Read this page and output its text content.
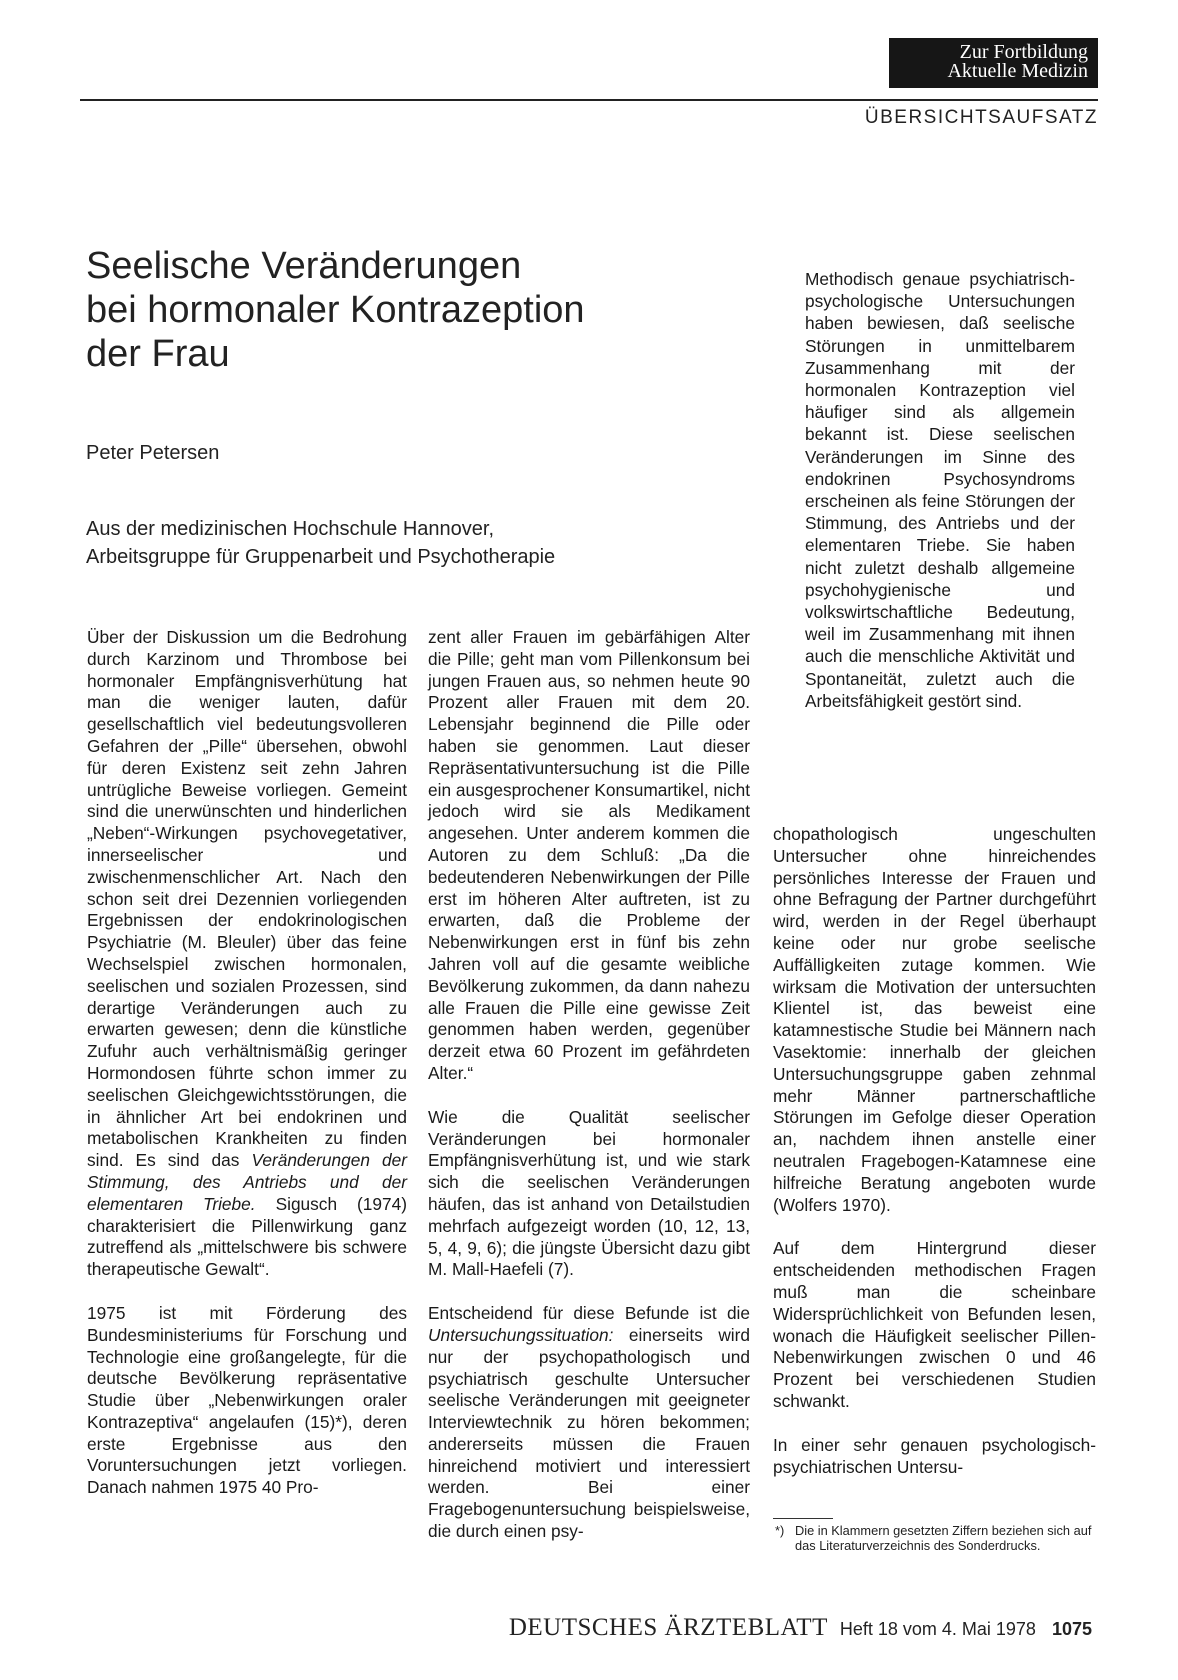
Zur Fortbildung
Aktuelle Medizin
ÜBERSICHTSAUFSATZ
Seelische Veränderungen
bei hormonaler Kontrazeption
der Frau
Peter Petersen
Aus der medizinischen Hochschule Hannover,
Arbeitsgruppe für Gruppenarbeit und Psychotherapie
Methodisch genaue psychiatrisch-psychologische Untersuchungen haben bewiesen, daß seelische Störungen in unmittelbarem Zusammenhang mit der hormonalen Kontrazeption viel häufiger sind als allgemein bekannt ist. Diese seelischen Veränderungen im Sinne des endokrinen Psychosyndroms erscheinen als feine Störungen der Stimmung, des Antriebs und der elementaren Triebe. Sie haben nicht zuletzt deshalb allgemeine psychohygienische und volkswirtschaftliche Bedeutung, weil im Zusammenhang mit ihnen auch die menschliche Aktivität und Spontaneität, zuletzt auch die Arbeitsfähigkeit gestört sind.

Über der Diskussion um die Bedrohung durch Karzinom und Thrombose bei hormonaler Empfängnisverhütung hat man die weniger lauten, dafür gesellschaftlich viel bedeutungsvolleren Gefahren der „Pille“ übersehen, obwohl für deren Existenz seit zehn Jahren untrügliche Beweise vorliegen. Gemeint sind die unerwünschten und hinderlichen „Neben“-Wirkungen psychovegetativer, innerseelischer und zwischenmenschlicher Art. Nach den schon seit drei Dezennien vorliegenden Ergebnissen der endokrinologischen Psychiatrie (M. Bleuler) über das feine Wechselspiel zwischen hormonalen, seelischen und sozialen Prozessen, sind derartige Veränderungen auch zu erwarten gewesen; denn die künstliche Zufuhr auch verhältnismäßig geringer Hormondosen führte schon immer zu seelischen Gleichgewichtsstörungen, die in ähnlicher Art bei endokrinen und metabolischen Krankheiten zu finden sind. Es sind das Veränderungen der Stimmung, des Antriebs und der elementaren Triebe. Sigusch (1974) charakterisiert die Pillenwirkung ganz zutreffend als „mittelschwere bis schwere therapeutische Gewalt“.

1975 ist mit Förderung des Bundesministeriums für Forschung und Technologie eine großangelegte, für die deutsche Bevölkerung repräsentative Studie über „Nebenwirkungen oraler Kontrazeptiva“ angelaufen (15)*), deren erste Ergebnisse aus den Voruntersuchungen jetzt vorliegen. Danach nahmen 1975 40 Pro-

zent aller Frauen im gebärfähigen Alter die Pille; geht man vom Pillenkonsum bei jungen Frauen aus, so nehmen heute 90 Prozent aller Frauen mit dem 20. Lebensjahr beginnend die Pille oder haben sie genommen. Laut dieser Repräsentativuntersuchung ist die Pille ein ausgesprochener Konsumartikel, nicht jedoch wird sie als Medikament angesehen. Unter anderem kommen die Autoren zu dem Schluß: „Da die bedeutenderen Nebenwirkungen der Pille erst im höheren Alter auftreten, ist zu erwarten, daß die Probleme der Nebenwirkungen erst in fünf bis zehn Jahren voll auf die gesamte weibliche Bevölkerung zukommen, da dann nahezu alle Frauen die Pille eine gewisse Zeit genommen haben werden, gegenüber derzeit etwa 60 Prozent im gefährdeten Alter.“

Wie die Qualität seelischer Veränderungen bei hormonaler Empfängnisverhütung ist, und wie stark sich die seelischen Veränderungen häufen, das ist anhand von Detailstudien mehrfach aufgezeigt worden (10, 12, 13, 5, 4, 9, 6); die jüngste Übersicht dazu gibt M. Mall-Haefeli (7).

Entscheidend für diese Befunde ist die Untersuchungssituation: einerseits wird nur der psychopathologisch und psychiatrisch geschulte Untersucher seelische Veränderungen mit geeigneter Interviewtechnik zu hören bekommen; andererseits müssen die Frauen hinreichend motiviert und interessiert werden. Bei einer Fragebogenuntersuchung beispielsweise, die durch einen psy-

chopathologisch ungeschulten Untersucher ohne hinreichendes persönliches Interesse der Frauen und ohne Befragung der Partner durchgeführt wird, werden in der Regel überhaupt keine oder nur grobe seelische Auffälligkeiten zutage kommen. Wie wirksam die Motivation der untersuchten Klientel ist, das beweist eine katamnestische Studie bei Männern nach Vasektomie: innerhalb der gleichen Untersuchungsgruppe gaben zehnmal mehr Männer partnerschaftliche Störungen im Gefolge dieser Operation an, nachdem ihnen anstelle einer neutralen Fragebogen-Katamnese eine hilfreiche Beratung angeboten wurde (Wolfers 1970).

Auf dem Hintergrund dieser entscheidenden methodischen Fragen muß man die scheinbare Widersprüchlichkeit von Befunden lesen, wonach die Häufigkeit seelischer Pillen-Nebenwirkungen zwischen 0 und 46 Prozent bei verschiedenen Studien schwankt.

In einer sehr genauen psychologisch-psychiatrischen Untersu-

*) Die in Klammern gesetzten Ziffern beziehen sich auf das Literaturverzeichnis des Sonderdrucks.
DEUTSCHES ÄRZTEBLATT Heft 18 vom 4. Mai 1978 1075
